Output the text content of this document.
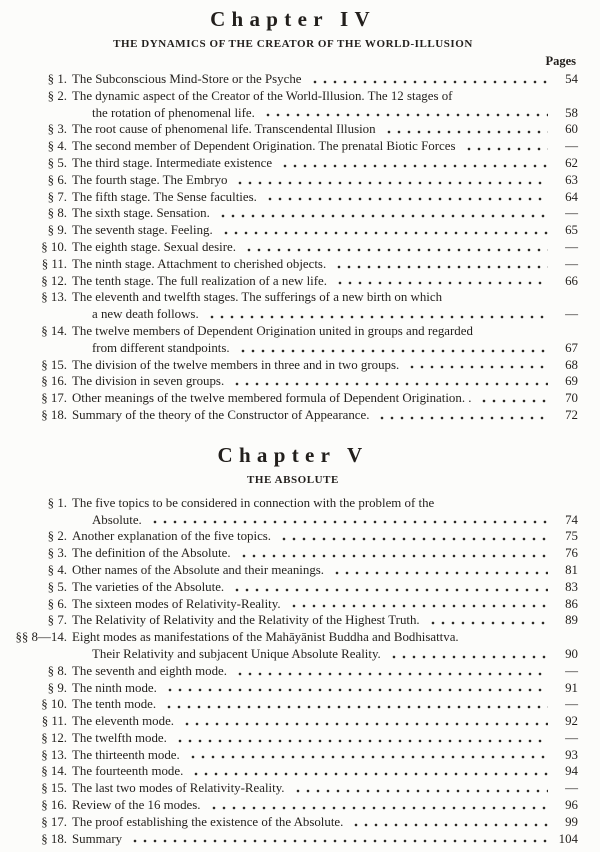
Chapter IV
THE DYNAMICS OF THE CREATOR OF THE WORLD-ILLUSION
Pages
§ 1. The Subconscious Mind-Store or the Psyche	54
§ 2. The dynamic aspect of the Creator of the World-Illusion. The 12 stages of
the rotation of phenomenal life.	58
§ 3. The root cause of phenomenal life. Transcendental Illusion	60
§ 4. The second member of Dependent Origination. The prenatal Biotic Forces	—
§ 5. The third stage. Intermediate existence	62
§ 6. The fourth stage. The Embryo	63
§ 7. The fifth stage. The Sense faculties.	64
§ 8. The sixth stage. Sensation.	—
§ 9. The seventh stage. Feeling.	65
§ 10. The eighth stage. Sexual desire.	—
§ 11. The ninth stage. Attachment to cherished objects.	—
§ 12. The tenth stage. The full realization of a new life.	66
§ 13. The eleventh and twelfth stages. The sufferings of a new birth on which
a new death follows.	—
§ 14. The twelve members of Dependent Origination united in groups and regarded
from different standpoints.	67
§ 15. The division of the twelve members in three and in two groups.	68
§ 16. The division in seven groups.	69
§ 17. Other meanings of the twelve membered formula of Dependent Origination. .	70
§ 18. Summary of the theory of the Constructor of Appearance.	72
Chapter V
THE ABSOLUTE
§ 1. The five topics to be considered in connection with the problem of the
Absolute.	74
§ 2. Another explanation of the five topics.	75
§ 3. The definition of the Absolute.	76
§ 4. Other names of the Absolute and their meanings.	81
§ 5. The varieties of the Absolute.	83
§ 6. The sixteen modes of Relativity-Reality.	86
§ 7. The Relativity of Relativity and the Relativity of the Highest Truth.	89
§§ 8—14. Eight modes as manifestations of the Mahāyānist Buddha and Bodhisattva.
Their Relativity and subjacent Unique Absolute Reality.	90
§ 8. The seventh and eighth mode.	—
§ 9. The ninth mode.	91
§ 10. The tenth mode.	—
§ 11. The eleventh mode.	92
§ 12. The twelfth mode.	—
§ 13. The thirteenth mode.	93
§ 14. The fourteenth mode.	94
§ 15. The last two modes of Relativity-Reality.	—
§ 16. Review of the 16 modes.	96
§ 17. The proof establishing the existence of the Absolute.	99
§ 18. Summary	104
